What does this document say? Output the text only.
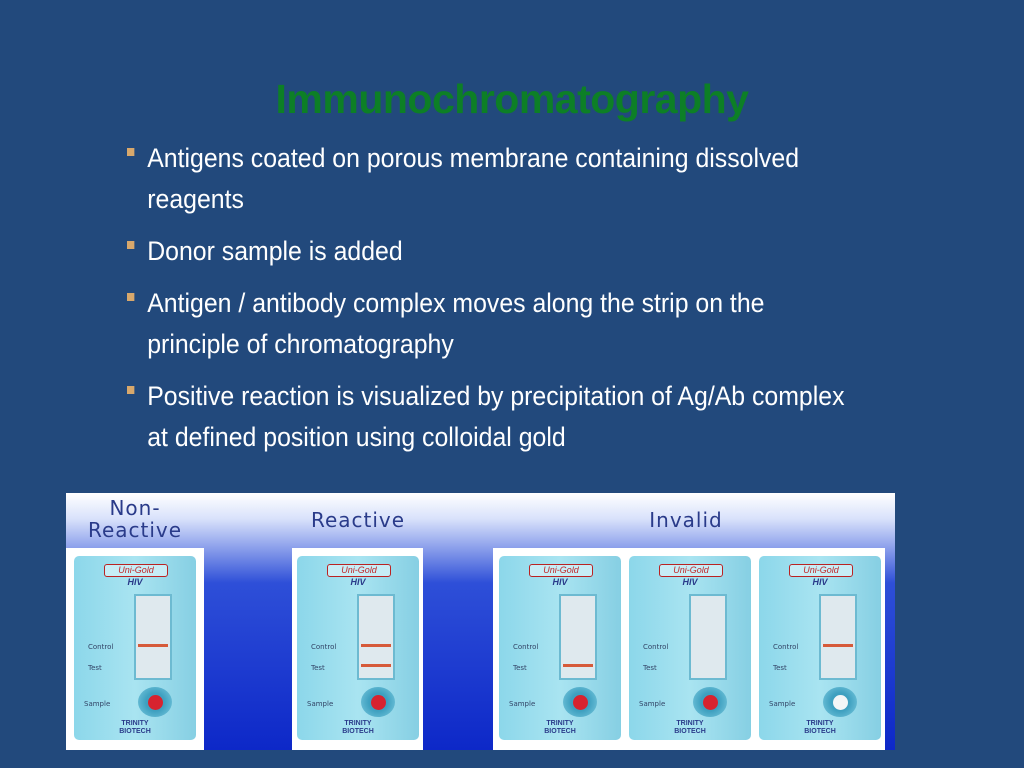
Immunochromatography
Antigens coated on porous membrane containing dissolved reagents
Donor sample is added
Antigen / antibody complex moves along the strip on the principle of chromatography
Positive reaction is visualized by precipitation of Ag/Ab complex at defined position using colloidal gold
Non-
Reactive	Reactive	Invalid
Uni-Gold
HIV
Control
Test
Sample
TRINITY
BIOTECH
Uni-Gold
HIV
Control
Test
Sample
TRINITY
BIOTECH
Uni-Gold
HIV
Control
Test
Sample
TRINITY
BIOTECH
Uni-Gold
HIV
Control
Test
Sample
TRINITY
BIOTECH
Uni-Gold
HIV
Control
Test
Sample
TRINITY
BIOTECH
